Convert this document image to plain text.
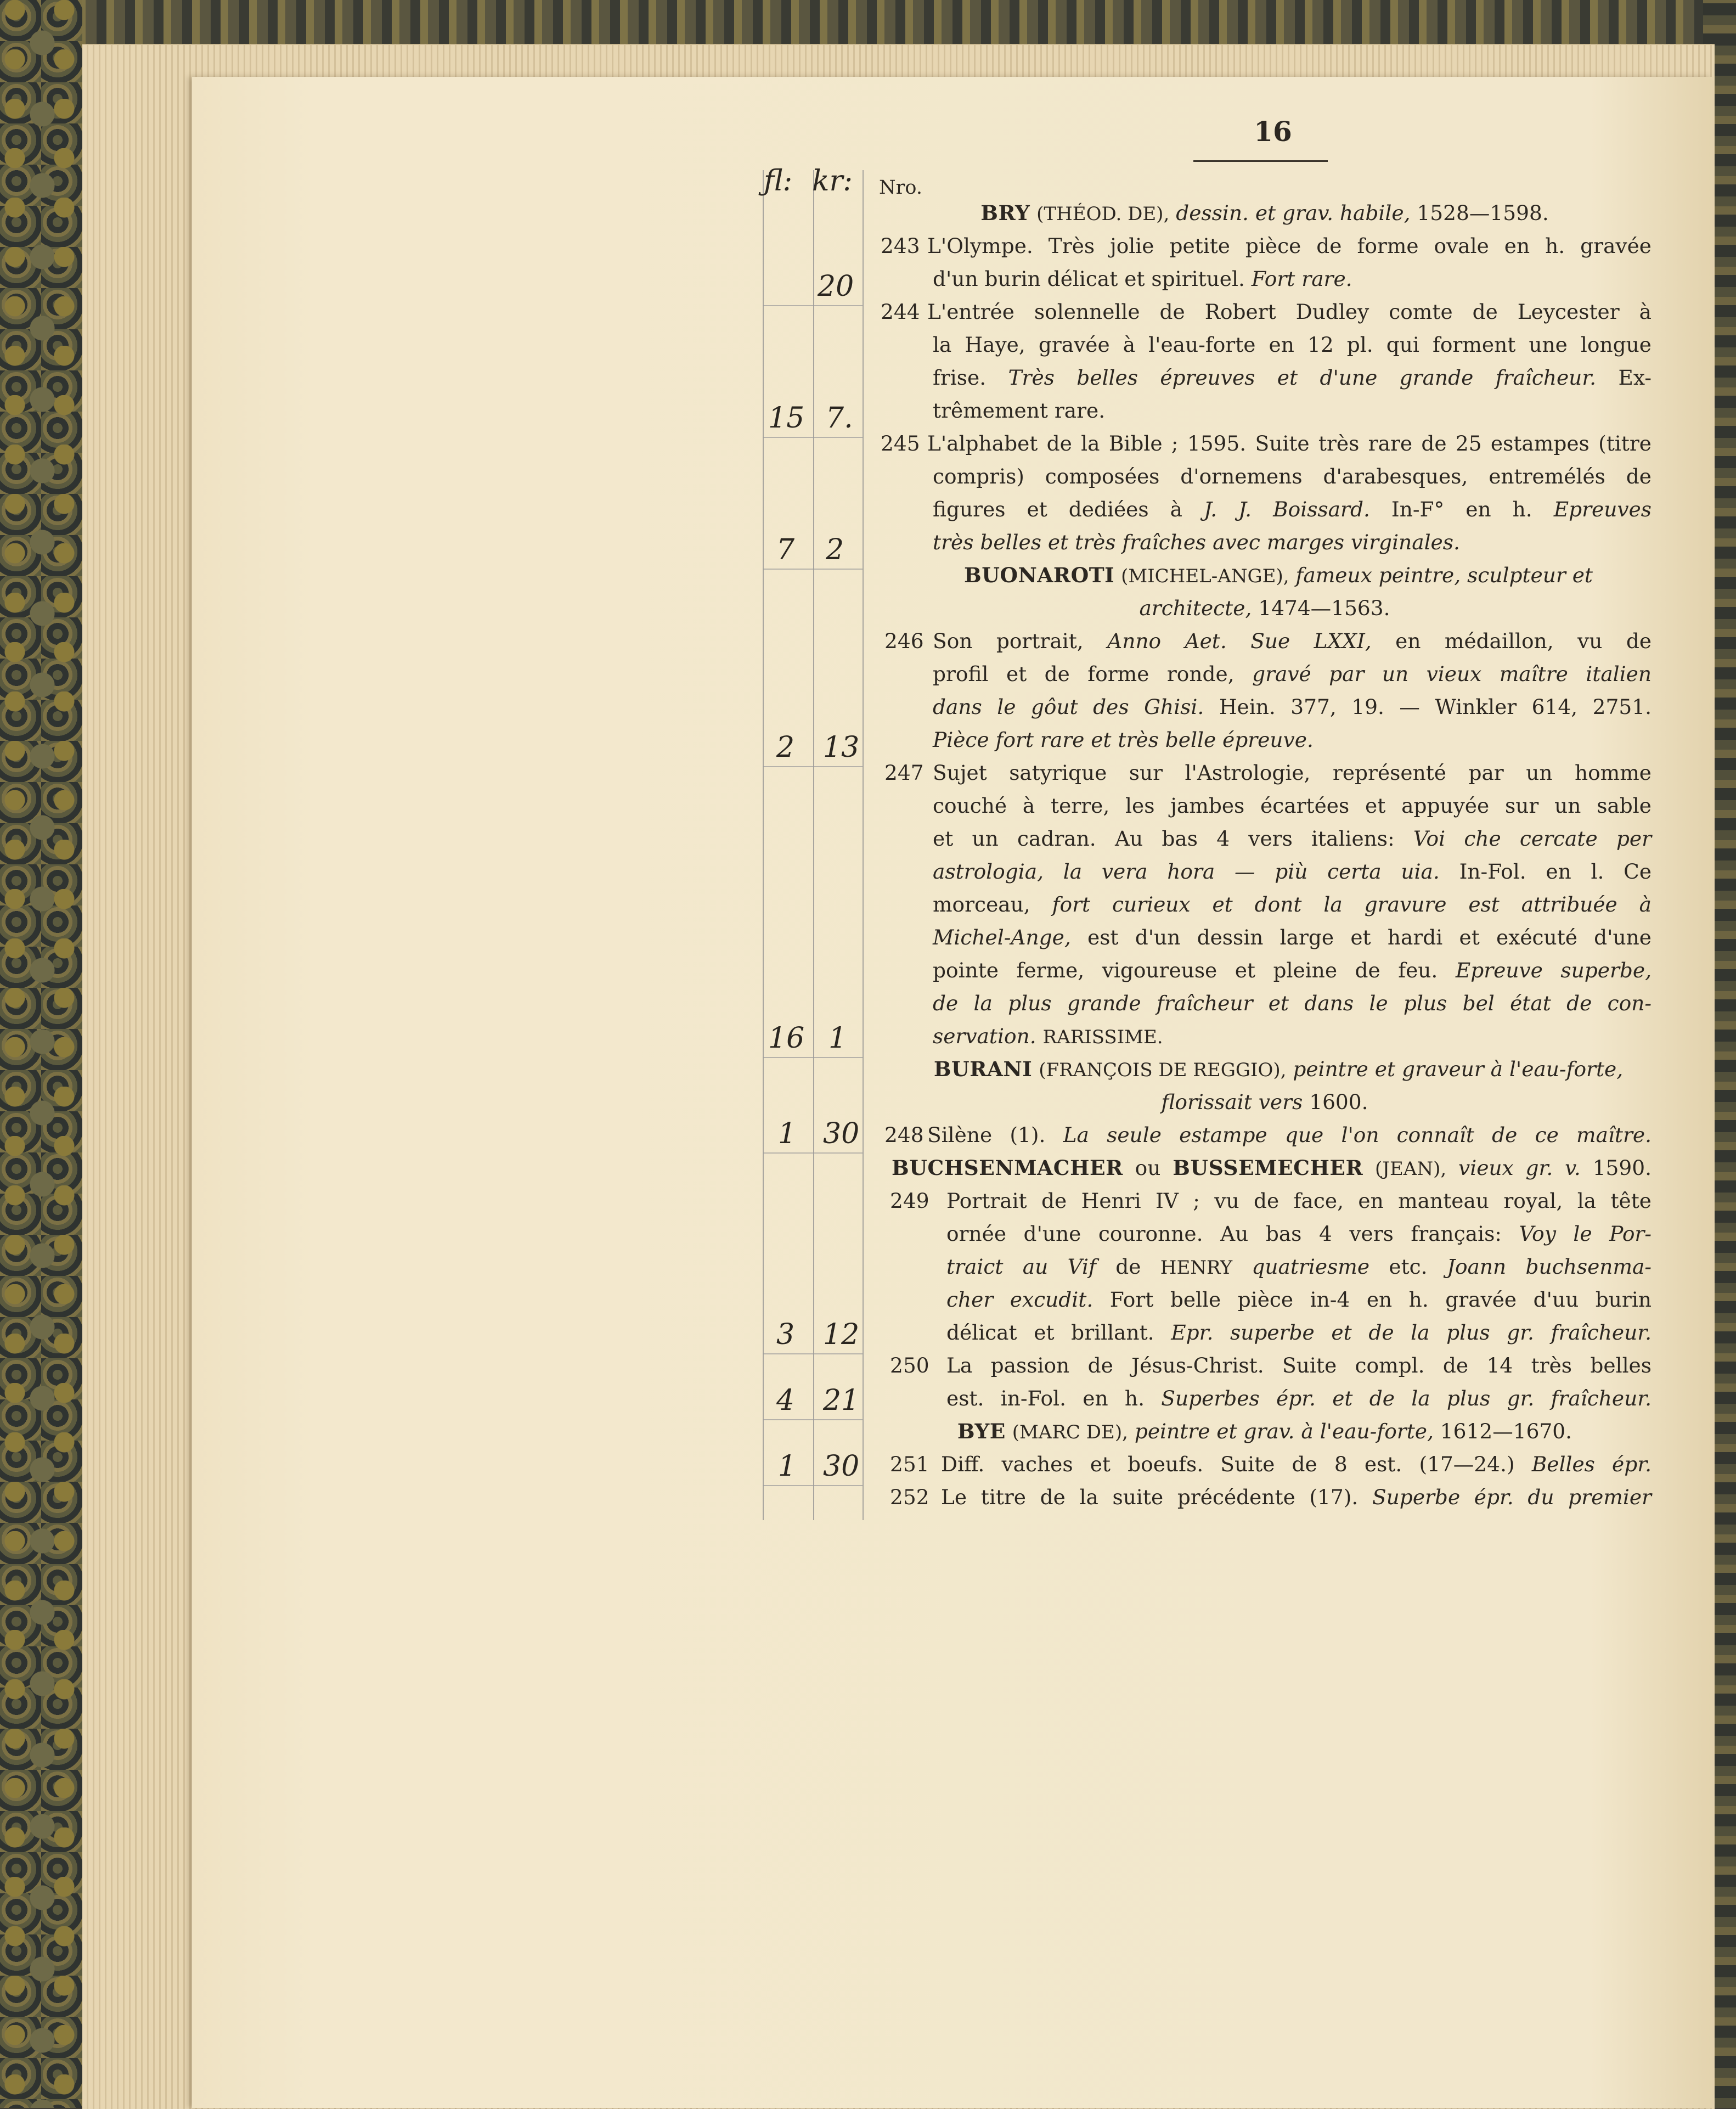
16
ƒl: kr: Nro.
20
15 7.
7 2
2 13
16 1
1 30
3 12
4 21
1 30
BRY (THÉOD. DE), dessin. et grav. habile, 1528—1598.
243 L'Olympe. Très jolie petite pièce de forme ovale en h. gravée
d'un burin délicat et spirituel. Fort rare.
244 L'entrée solennelle de Robert Dudley comte de Leycester à
la Haye, gravée à l'eau-forte en 12 pl. qui forment une longue
frise. Très belles épreuves et d'une grande fraîcheur. Ex-
trêmement rare.
245 L'alphabet de la Bible ; 1595. Suite très rare de 25 estampes (titre
compris) composées d'ornemens d'arabesques, entremélés de
figures et dediées à J. J. Boissard. In-F° en h. Epreuves
très belles et très fraîches avec marges virginales.
BUONAROTI (MICHEL-ANGE), fameux peintre, sculpteur et
architecte, 1474—1563.
246 Son portrait, Anno Aet. Sue LXXI, en médaillon, vu de
profil et de forme ronde, gravé par un vieux maître italien
dans le gôut des Ghisi. Hein. 377, 19. — Winkler 614, 2751.
Pièce fort rare et très belle épreuve.
247 Sujet satyrique sur l'Astrologie, représenté par un homme
couché à terre, les jambes écartées et appuyée sur un sable
et un cadran. Au bas 4 vers italiens: Voi che cercate per
astrologia, la vera hora — più certa uia. In-Fol. en l. Ce
morceau, fort curieux et dont la gravure est attribuée à
Michel-Ange, est d'un dessin large et hardi et exécuté d'une
pointe ferme, vigoureuse et pleine de feu. Epreuve superbe,
de la plus grande fraîcheur et dans le plus bel état de con-
servation. RARISSIME.
BURANI (FRANÇOIS DE REGGIO), peintre et graveur à l'eau-forte,
florissait vers 1600.
248 Silène (1). La seule estampe que l'on connaît de ce maître.
BUCHSENMACHER ou BUSSEMECHER (JEAN), vieux gr. v. 1590.
249 Portrait de Henri IV ; vu de face, en manteau royal, la tête
ornée d'une couronne. Au bas 4 vers français: Voy le Por-
traict au Vif de HENRY quatriesme etc. Joann buchsenma-
cher excudit. Fort belle pièce in-4 en h. gravée d'uu burin
délicat et brillant. Epr. superbe et de la plus gr. fraîcheur.
250 La passion de Jésus-Christ. Suite compl. de 14 très belles
est. in-Fol. en h. Superbes épr. et de la plus gr. fraîcheur.
BYE (MARC DE), peintre et grav. à l'eau-forte, 1612—1670.
251 Diff. vaches et boeufs. Suite de 8 est. (17—24.) Belles épr.
252 Le titre de la suite précédente (17). Superbe épr. du premier
